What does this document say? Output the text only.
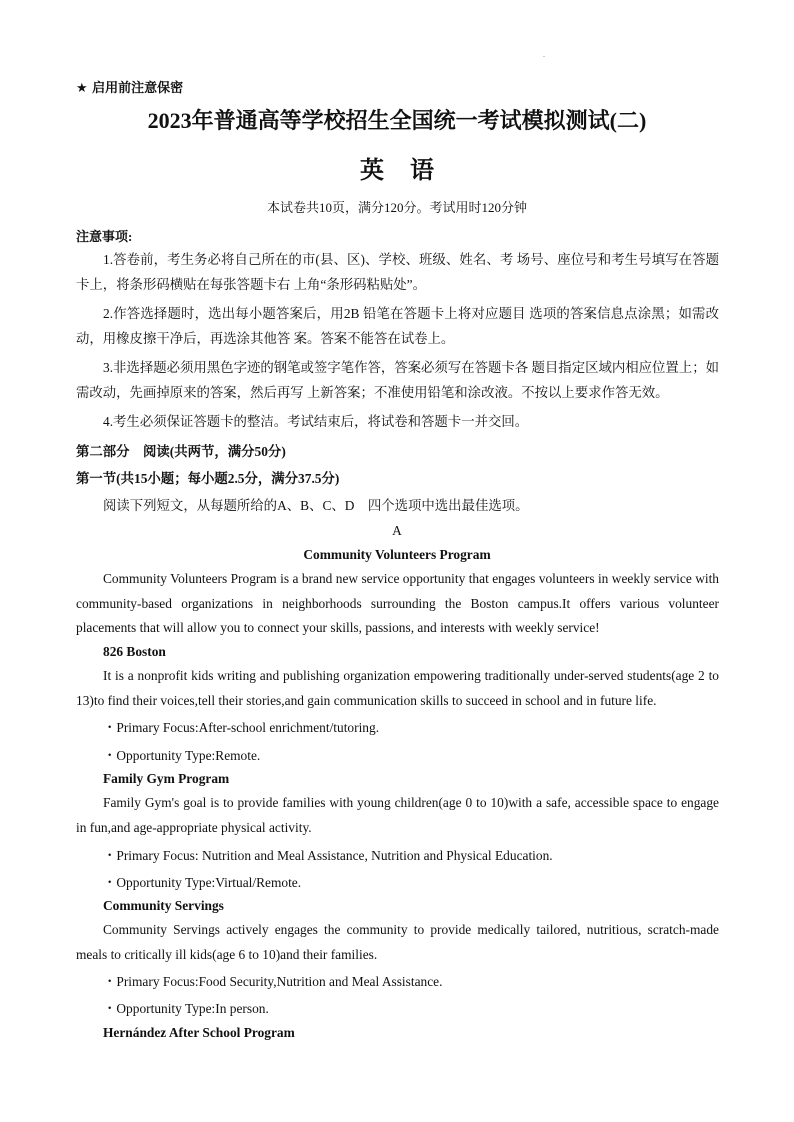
.
★ 启用前注意保密
2023年普通高等学校招生全国统一考试模拟测试(二)
英 语
本试卷共10页，满分120分。考试用时120分钟
注意事项:

1.答卷前，考生务必将自己所在的市(县、区)、学校、班级、姓名、考 场号、座位号和考生号填写在答题卡上，将条形码横贴在每张答题卡右 上角“条形码粘贴处”。

2.作答选择题时，选出每小题答案后，用2B 铅笔在答题卡上将对应题目 选项的答案信息点涂黑；如需改动，用橡皮擦干净后，再选涂其他答 案。答案不能答在试卷上。

3.非选择题必须用黑色字迹的钢笔或签字笔作答，答案必须写在答题卡各 题目指定区域内相应位置上；如需改动，先画掉原来的答案，然后再写 上新答案；不准使用铅笔和涂改液。不按以上要求作答无效。

4.考生必须保证答题卡的整洁。考试结束后，将试卷和答题卡一并交回。

第二部分　阅读(共两节，满分50分)
第一节(共15小题；每小题2.5分，满分37.5分)
阅读下列短文，从每题所给的A、B、C、D　四个选项中选出最佳选项。
A
Community Volunteers Program

Community Volunteers Program is a brand new service opportunity that engages volunteers in weekly service with community-based organizations in neighborhoods surrounding the Boston campus.It offers various volunteer placements that will allow you to connect your skills, passions, and interests with weekly service!

826 Boston

It is a nonprofit kids writing and publishing organization empowering traditionally under-served students(age 2 to 13)to find their voices,tell their stories,and gain communication skills to succeed in school and in future life.

・Primary Focus:After-school enrichment/tutoring.
・Opportunity Type:Remote.
Family Gym Program

Family Gym's goal is to provide families with young children(age 0 to 10)with a safe, accessible space to engage in fun,and age-appropriate physical activity.

・Primary Focus: Nutrition and Meal Assistance, Nutrition and Physical Education.
・Opportunity Type:Virtual/Remote.
Community Servings

Community Servings actively engages the community to provide medically tailored, nutritious, scratch-made meals to critically ill kids(age 6 to 10)and their families.

・Primary Focus:Food Security,Nutrition and Meal Assistance.
・Opportunity Type:In person.
Hernández After School Program
